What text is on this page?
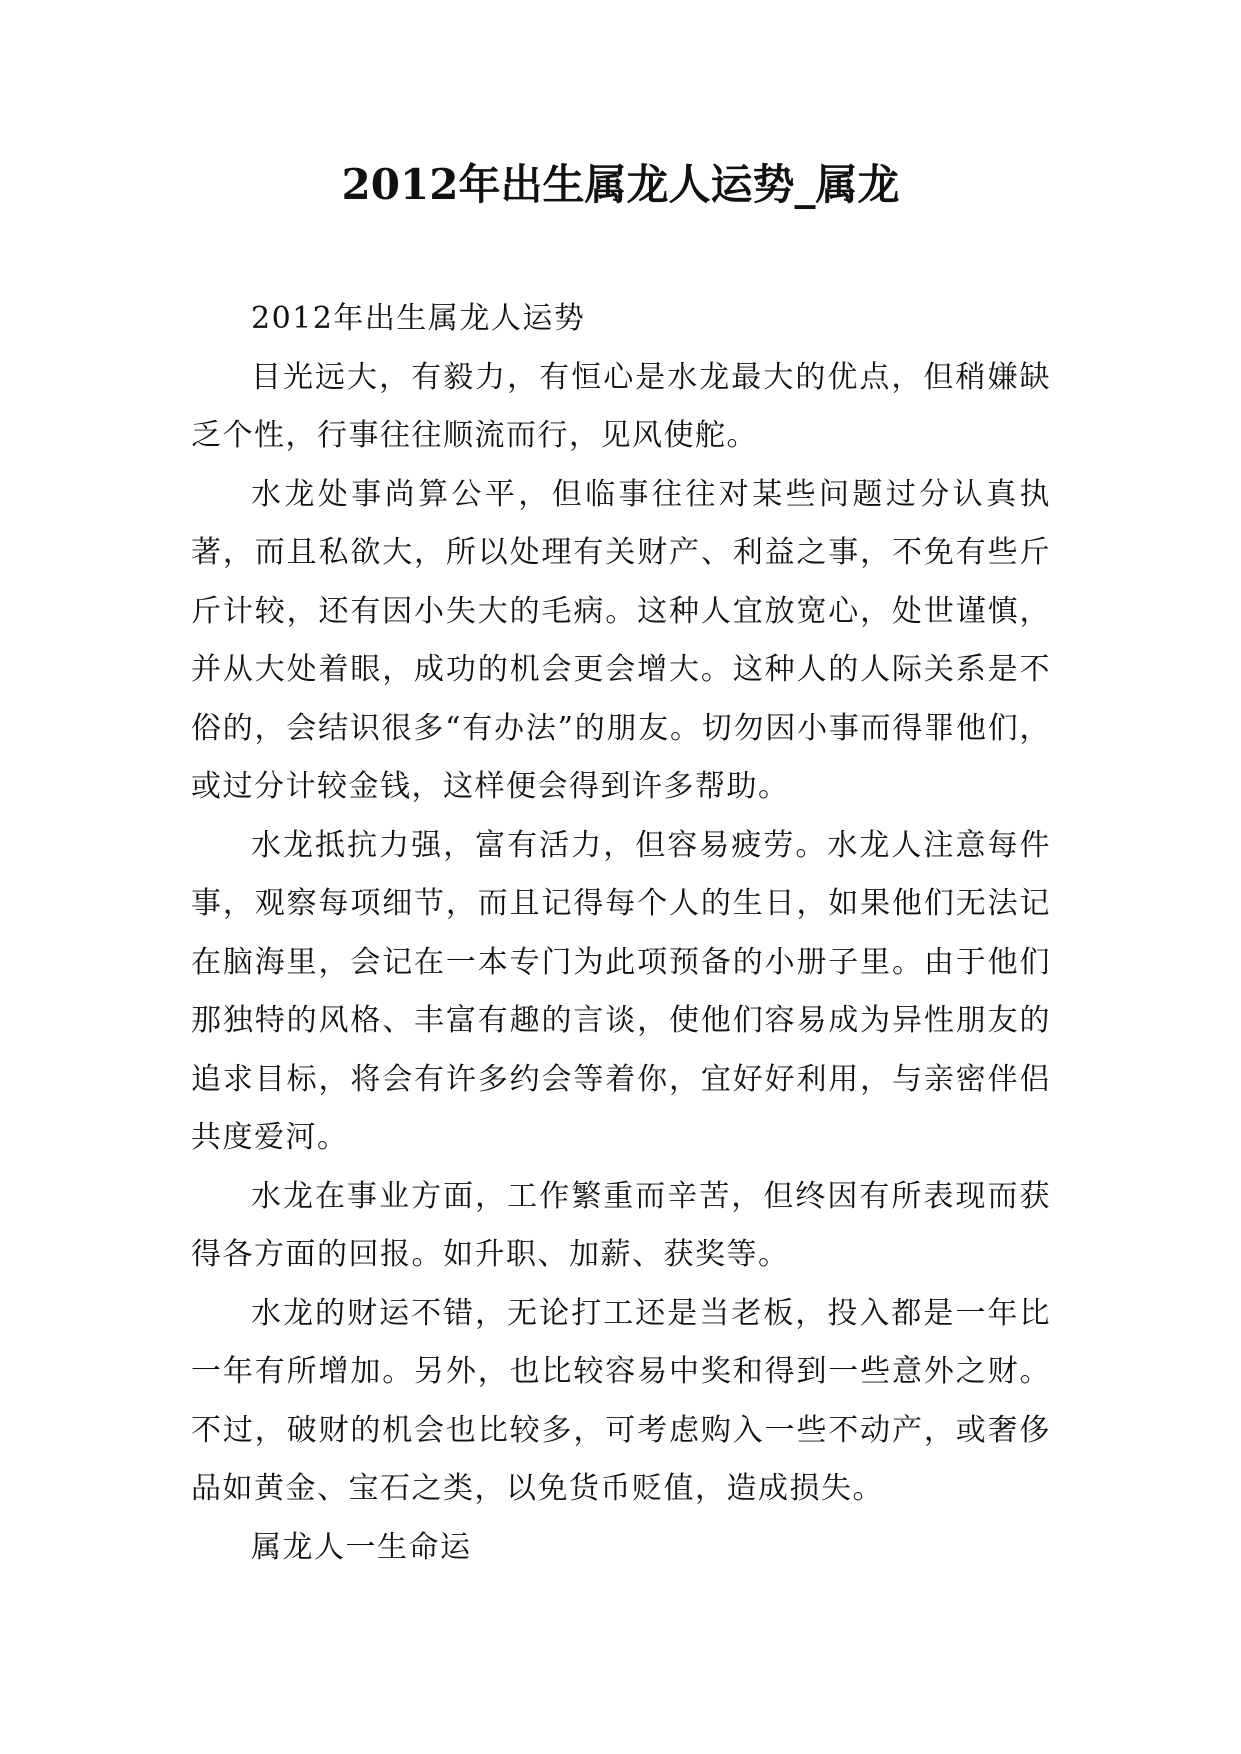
2012年出生属龙人运势_属龙

2012年出生属龙人运势

目光远大，有毅力，有恒心是水龙最大的优点，但稍嫌缺乏个性，行事往往顺流而行，见风使舵。

水龙处事尚算公平，但临事往往对某些问题过分认真执著，而且私欲大，所以处理有关财产、利益之事，不免有些斤斤计较，还有因小失大的毛病。这种人宜放宽心，处世谨慎，并从大处着眼，成功的机会更会增大。这种人的人际关系是不俗的，会结识很多“有办法”的朋友。切勿因小事而得罪他们，或过分计较金钱，这样便会得到许多帮助。

水龙抵抗力强，富有活力，但容易疲劳。水龙人注意每件事，观察每项细节，而且记得每个人的生日，如果他们无法记在脑海里，会记在一本专门为此项预备的小册子里。由于他们那独特的风格、丰富有趣的言谈，使他们容易成为异性朋友的追求目标，将会有许多约会等着你，宜好好利用，与亲密伴侣共度爱河。

水龙在事业方面，工作繁重而辛苦，但终因有所表现而获得各方面的回报。如升职、加薪、获奖等。

水龙的财运不错，无论打工还是当老板，投入都是一年比一年有所增加。另外，也比较容易中奖和得到一些意外之财。不过，破财的机会也比较多，可考虑购入一些不动产，或奢侈品如黄金、宝石之类，以免货币贬值，造成损失。

属龙人一生命运
